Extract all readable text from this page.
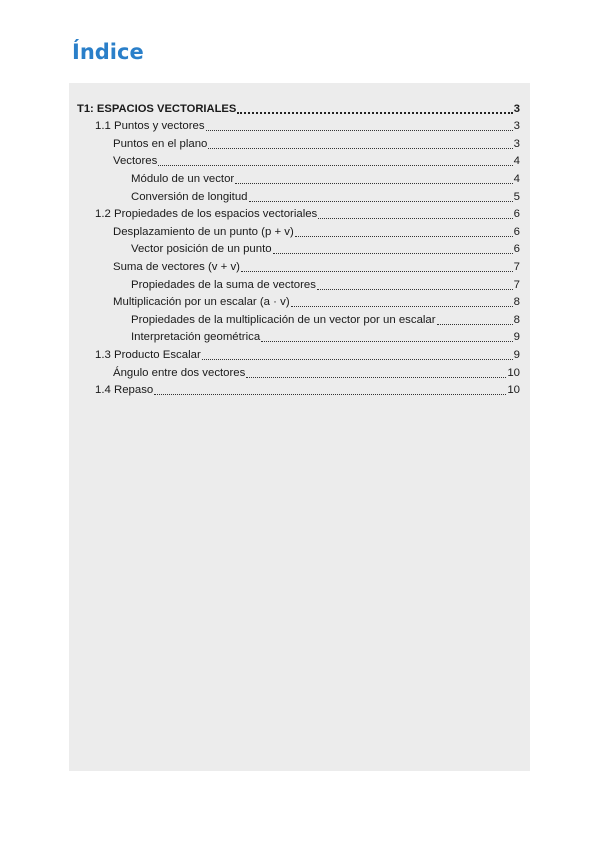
Índice
T1: ESPACIOS VECTORIALES	3
1.1 Puntos y vectores	3
Puntos en el plano	3
Vectores	4
Módulo de un vector	4
Conversión de longitud	5
1.2 Propiedades de los espacios vectoriales	6
Desplazamiento de un punto (p + v)	6
Vector posición de un punto	6
Suma de vectores (v + v)	7
Propiedades de la suma de vectores	7
Multiplicación por un escalar (a · v)	8
Propiedades de la multiplicación de un vector por un escalar	8
Interpretación geométrica	9
1.3 Producto Escalar	9
Ángulo entre dos vectores	10
1.4 Repaso	10
